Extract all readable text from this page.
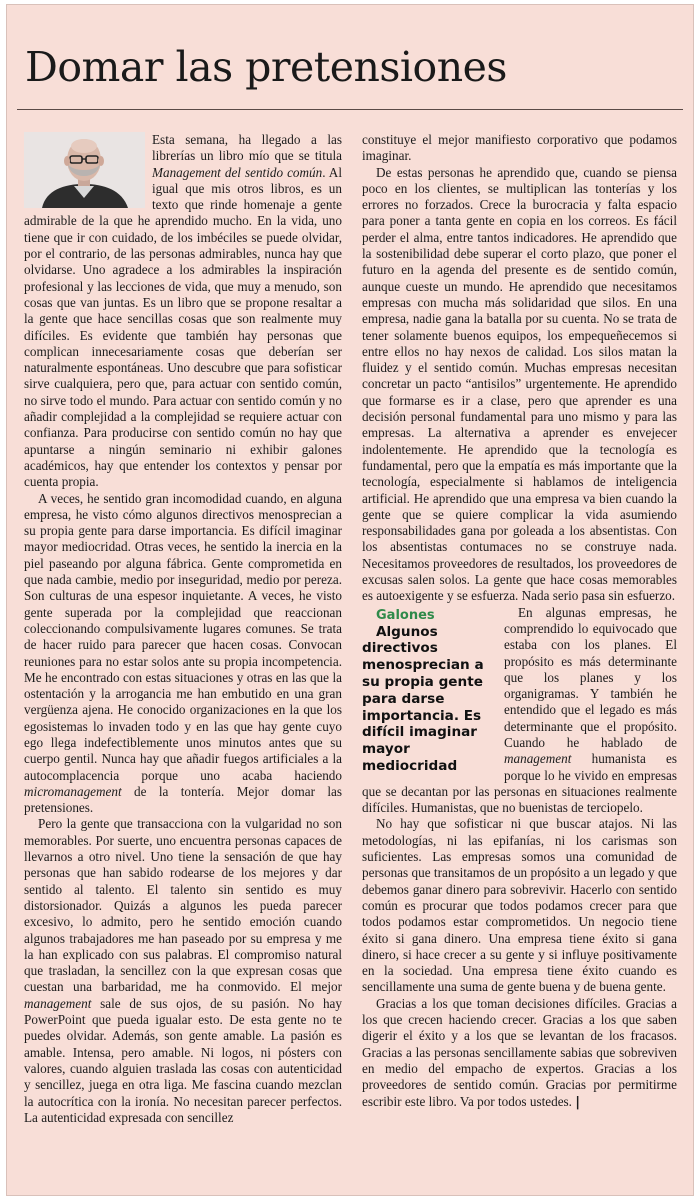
Domar las pretensiones

Esta semana, ha llegado a las librerías un libro mío que se titula Management del sentido común. Al igual que mis otros libros, es un texto que rinde homenaje a gente admirable de la que he aprendido mucho. En la vida, uno tiene que ir con cuidado, de los imbéciles se puede olvidar, por el contrario, de las personas admirables, nunca hay que olvidarse. Uno agradece a los admirables la inspiración profesional y las lecciones de vida, que muy a menudo, son cosas que van juntas. Es un libro que se propone resaltar a la gente que hace sencillas cosas que son realmente muy difíciles. Es evidente que también hay personas que complican innecesariamente cosas que deberían ser naturalmente espontáneas. Uno descubre que para sofisticar sirve cualquiera, pero que, para actuar con sentido común, no sirve todo el mundo. Para actuar con sentido común y no añadir complejidad a la complejidad se requiere actuar con confianza. Para producirse con sentido común no hay que apuntarse a ningún seminario ni exhibir galones académicos, hay que entender los contextos y pensar por cuenta propia.

A veces, he sentido gran incomodidad cuando, en alguna empresa, he visto cómo algunos directivos menosprecian a su propia gente para darse importancia. Es difícil imaginar mayor mediocridad. Otras veces, he sentido la inercia en la piel paseando por alguna fábrica. Gente comprometida en que nada cambie, medio por inseguridad, medio por pereza. Son culturas de una espesor inquietante. A veces, he visto gente superada por la complejidad que reaccionan coleccionando compulsivamente lugares comunes. Se trata de hacer ruido para parecer que hacen cosas. Convocan reuniones para no estar solos ante su propia incompetencia. Me he encontrado con estas situaciones y otras en las que la ostentación y la arrogancia me han embutido en una gran vergüenza ajena. He conocido organizaciones en la que los egosistemas lo invaden todo y en las que hay gente cuyo ego llega indefectiblemente unos minutos antes que su cuerpo gentil. Nunca hay que añadir fuegos artificiales a la autocomplacencia porque uno acaba haciendo micromanagement de la tontería. Mejor domar las pretensiones.

Pero la gente que transacciona con la vulgaridad no son memorables. Por suerte, uno encuentra personas capaces de llevarnos a otro nivel. Uno tiene la sensación de que hay personas que han sabido rodearse de los mejores y dar sentido al talento. El talento sin sentido es muy distorsionador. Quizás a algunos les pueda parecer excesivo, lo admito, pero he sentido emoción cuando algunos trabajadores me han paseado por su empresa y me la han explicado con sus palabras. El compromiso natural que trasladan, la sencillez con la que expresan cosas que cuestan una barbaridad, me ha conmovido. El mejor management sale de sus ojos, de su pasión. No hay PowerPoint que pueda igualar esto. De esta gente no te puedes olvidar. Además, son gente amable. La pasión es amable. Intensa, pero amable. Ni logos, ni pósters con valores, cuando alguien traslada las cosas con autenticidad y sencillez, juega en otra liga. Me fascina cuando mezclan la autocrítica con la ironía. No necesitan parecer perfectos. La autenticidad expresada con sencillez

constituye el mejor manifiesto corporativo que podamos imaginar.

De estas personas he aprendido que, cuando se piensa poco en los clientes, se multiplican las tonterías y los errores no forzados. Crece la burocracia y falta espacio para poner a tanta gente en copia en los correos. Es fácil perder el alma, entre tantos indicadores. He aprendido que la sostenibilidad debe superar el corto plazo, que poner el futuro en la agenda del presente es de sentido común, aunque cueste un mundo. He aprendido que necesitamos empresas con mucha más solidaridad que silos. En una empresa, nadie gana la batalla por su cuenta. No se trata de tener solamente buenos equipos, los empequeñecemos si entre ellos no hay nexos de calidad. Los silos matan la fluidez y el sentido común. Muchas empresas necesitan concretar un pacto “antisilos” urgentemente. He aprendido que formarse es ir a clase, pero que aprender es una decisión personal fundamental para uno mismo y para las empresas. La alternativa a aprender es envejecer indolentemente. He aprendido que la tecnología es fundamental, pero que la empatía es más importante que la tecnología, especialmente si hablamos de inteligencia artificial. He aprendido que una empresa va bien cuando la gente que se quiere complicar la vida asumiendo responsabilidades gana por goleada a los absentistas. Con los absentistas contumaces no se construye nada. Necesitamos proveedores de resultados, los proveedores de excusas salen solos. La gente que hace cosas memorables es autoexigente y se esfuerza. Nada serio pasa sin esfuerzo.

Galones

Algunos directivos menosprecian a su propia gente para darse importancia. Es difícil imaginar mayor mediocridad

En algunas empresas, he comprendido lo equivocado que estaba con los planes. El propósito es más determinante que los planes y los organigramas. Y también he entendido que el legado es más determinante que el propósito. Cuando he hablado de management humanista es porque lo he vivido en empresas que se decantan por las personas en situaciones realmente difíciles. Humanistas, que no buenistas de terciopelo.

No hay que sofisticar ni que buscar atajos. Ni las metodologías, ni las epifanías, ni los carismas son suficientes. Las empresas somos una comunidad de personas que transitamos de un propósito a un legado y que debemos ganar dinero para sobrevivir. Hacerlo con sentido común es procurar que todos podamos crecer para que todos podamos estar comprometidos. Un negocio tiene éxito si gana dinero. Una empresa tiene éxito si gana dinero, si hace crecer a su gente y si influye positivamente en la sociedad. Una empresa tiene éxito cuando es sencillamente una suma de gente buena y de buena gente.

Gracias a los que toman decisiones difíciles. Gracias a los que crecen haciendo crecer. Gracias a los que saben digerir el éxito y a los que se levantan de los fracasos. Gracias a las personas sencillamente sabias que sobreviven en medio del empacho de expertos. Gracias a los proveedores de sentido común. Gracias por permitirme escribir este libro. Va por todos ustedes. |
